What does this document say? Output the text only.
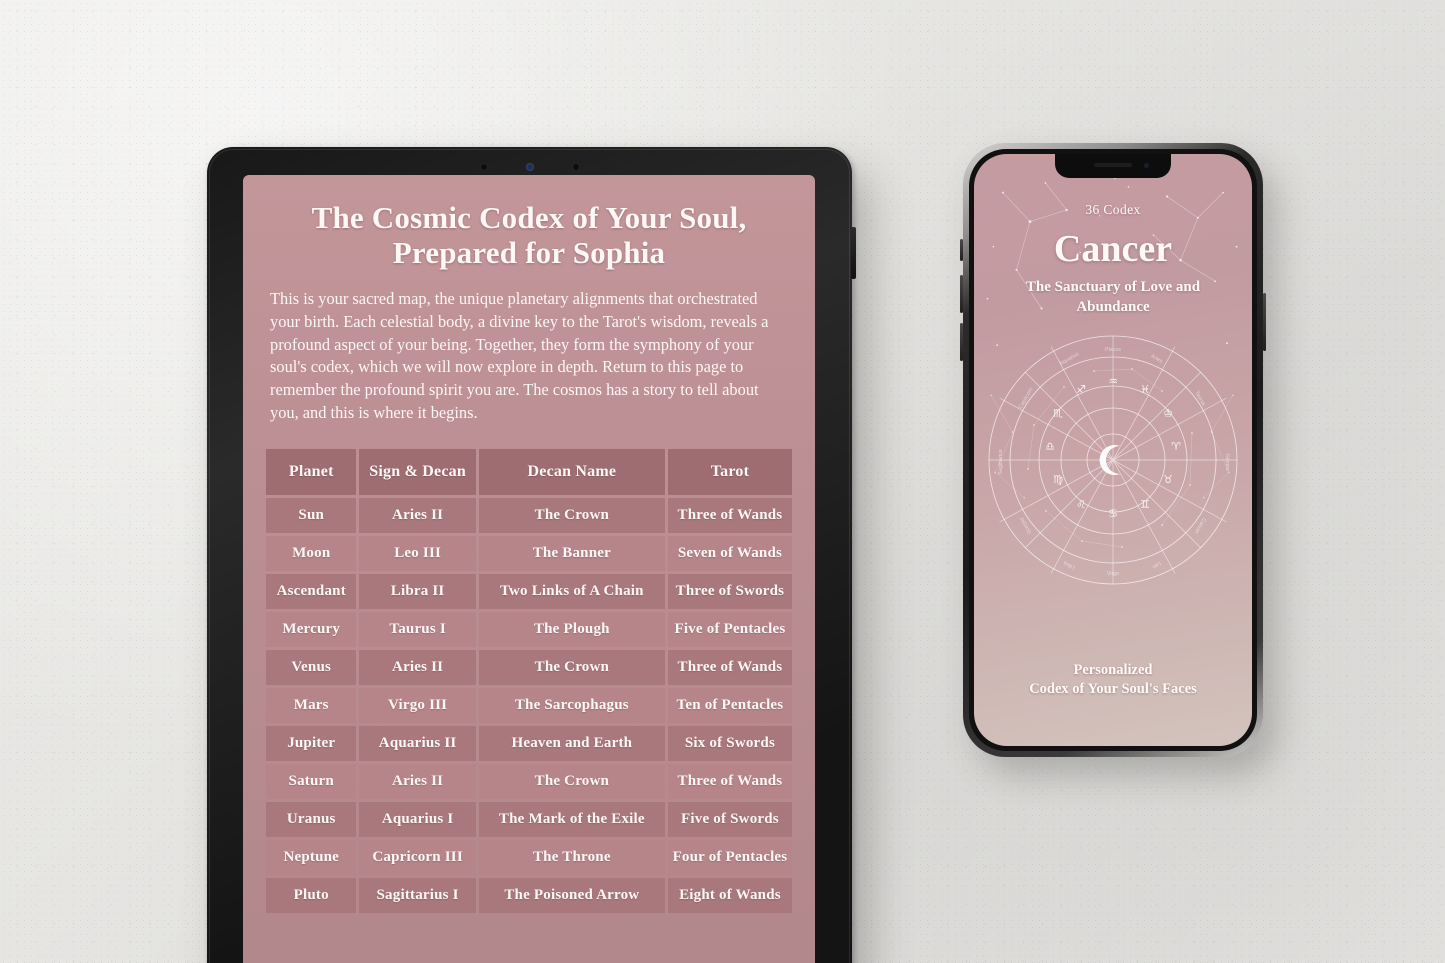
The Cosmic Codex of Your Soul, Prepared for Sophia

This is your sacred map, the unique planetary alignments that orchestrated your birth. Each celestial body, a divine key to the Tarot's wisdom, reveals a profound aspect of your being. Together, they form the symphony of your soul's codex, which we will now explore in depth. Return to this page to remember the profound spirit you are. The cosmos has a story to tell about you, and this is where it begins.

Planet	Sign & Decan	Decan Name	Tarot
Sun	Aries II	The Crown	Three of Wands
Moon	Leo III	The Banner	Seven of Wands
Ascendant	Libra II	Two Links of A Chain	Three of Swords
Mercury	Taurus I	The Plough	Five of Pentacles
Venus	Aries II	The Crown	Three of Wands
Mars	Virgo III	The Sarcophagus	Ten of Pentacles
Jupiter	Aquarius II	Heaven and Earth	Six of Swords
Saturn	Aries II	The Crown	Three of Wands
Uranus	Aquarius I	The Mark of the Exile	Five of Swords
Neptune	Capricorn III	The Throne	Four of Pentacles
Pluto	Sagittarius I	The Poisoned Arrow	Eight of Wands
36 Codex
Cancer
The Sanctuary of Love and Abundance
♒
♓
♔
♈
♉
♊
♋
♌
♍
♎
♏
♐
Pisces
Aries
Taurus
Gemini
Cancer
Leo
Virgo
Libra
Scorpio
Sagittarius
Capricorn
Aquarius
Personalized
Codex of Your Soul's Faces
